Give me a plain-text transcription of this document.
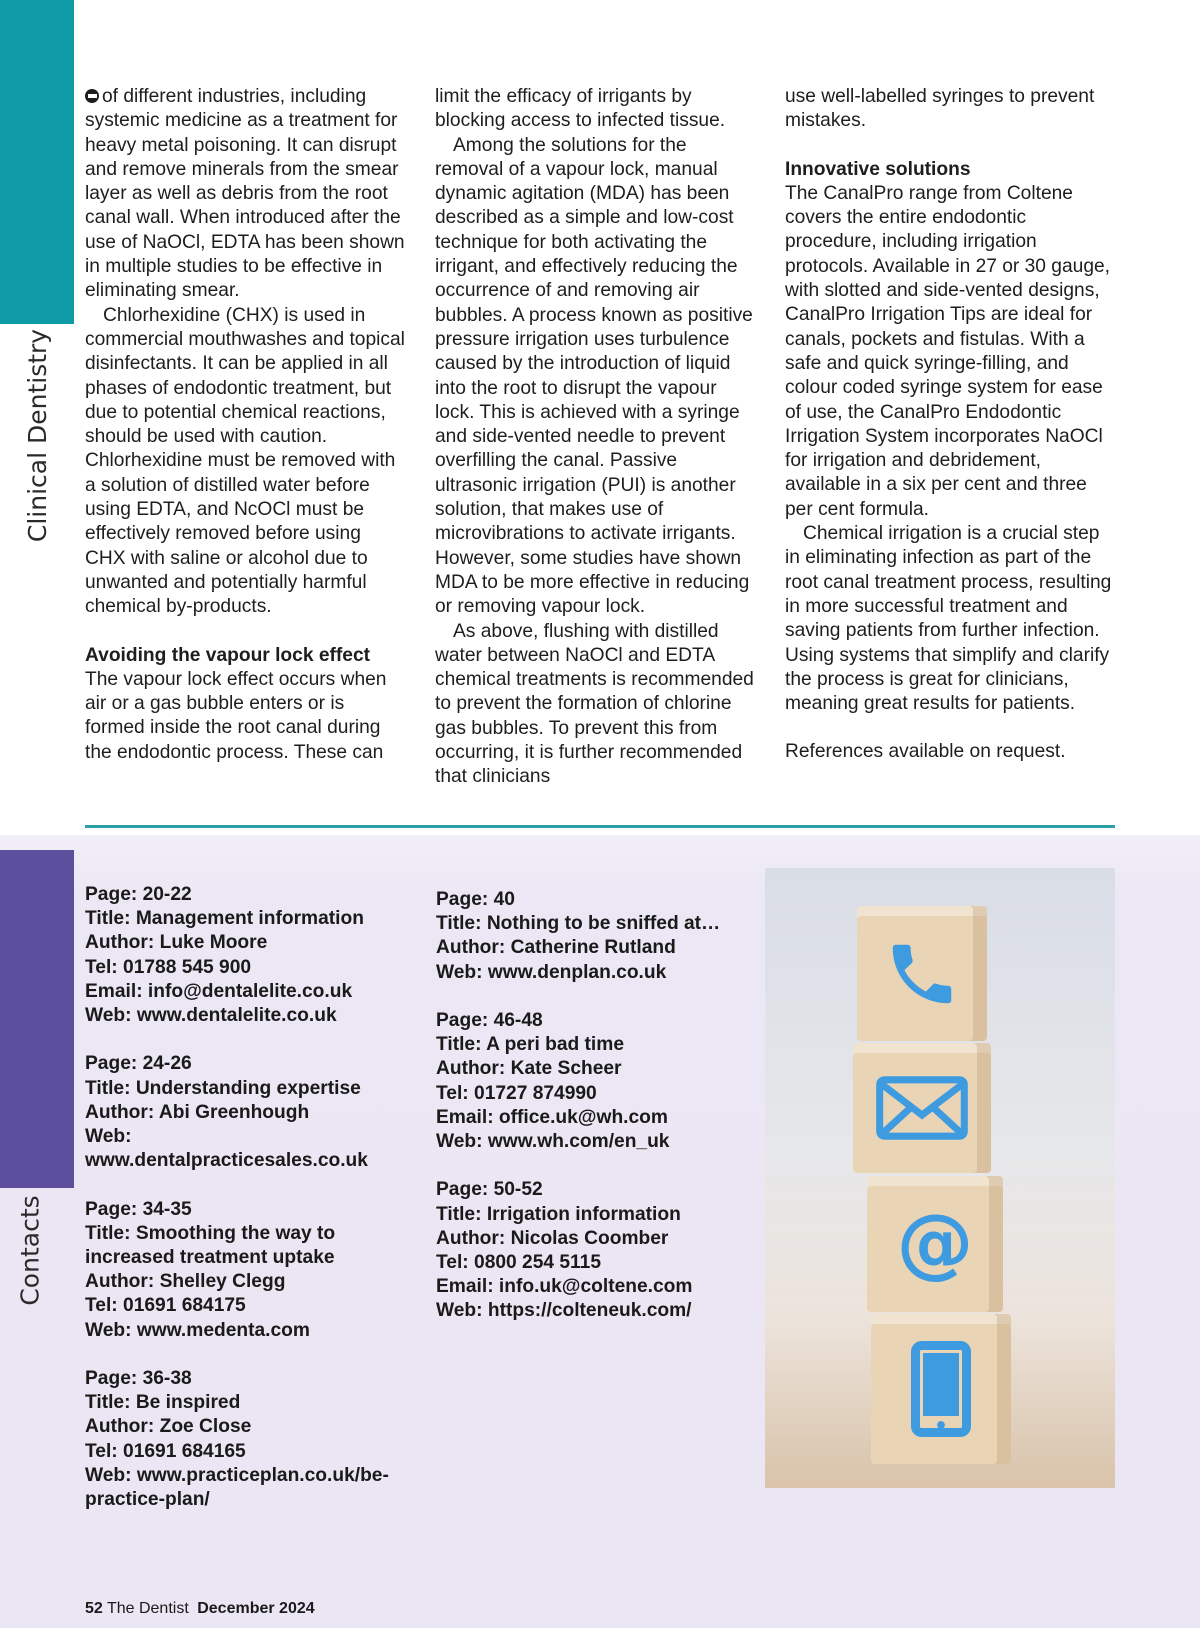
Clinical Dentistry

of different industries, including systemic medicine as a treatment for heavy metal poisoning. It can disrupt and remove minerals from the smear layer as well as debris from the root canal wall. When introduced after the use of NaOCl, EDTA has been shown in multiple studies to be effective in eliminating smear.

Chlorhexidine (CHX) is used in commercial mouthwashes and topical disinfectants. It can be applied in all phases of endodontic treatment, but due to potential chemical reactions, should be used with caution. Chlorhexidine must be removed with a solution of distilled water before using EDTA, and NcOCl must be effectively removed before using CHX with saline or alcohol due to unwanted and potentially harmful chemical by-products.

Avoiding the vapour lock effect

The vapour lock effect occurs when air or a gas bubble enters or is formed inside the root canal during the endodontic process. These can

limit the efficacy of irrigants by blocking access to infected tissue.

Among the solutions for the removal of a vapour lock, manual dynamic agitation (MDA) has been described as a simple and low-cost technique for both activating the irrigant, and effectively reducing the occurrence of and removing air bubbles. A process known as positive pressure irrigation uses turbulence caused by the introduction of liquid into the root to disrupt the vapour lock. This is achieved with a syringe and side-vented needle to prevent overfilling the canal. Passive ultrasonic irrigation (PUI) is another solution, that makes use of microvibrations to activate irrigants. However, some studies have shown MDA to be more effective in reducing or removing vapour lock.

As above, flushing with distilled water between NaOCl and EDTA chemical treatments is recommended to prevent the formation of chlorine gas bubbles. To prevent this from occurring, it is further recommended that clinicians

use well-labelled syringes to prevent mistakes.

Innovative solutions

The CanalPro range from Coltene covers the entire endodontic procedure, including irrigation protocols. Available in 27 or 30 gauge, with slotted and side-vented designs, CanalPro Irrigation Tips are ideal for canals, pockets and fistulas. With a safe and quick syringe-filling, and colour coded syringe system for ease of use, the CanalPro Endodontic Irrigation System incorporates NaOCl for irrigation and debridement, available in a six per cent and three per cent formula.

Chemical irrigation is a crucial step in eliminating infection as part of the root canal treatment process, resulting in more successful treatment and saving patients from further infection. Using systems that simplify and clarify the process is great for clinicians, meaning great results for patients.

References available on request.

Contacts
Page: 20-22
Title: Management information
Author: Luke Moore
Tel: 01788 545 900
Email: info@dentalelite.co.uk
Web: www.dentalelite.co.uk
Page: 24-26
Title: Understanding expertise
Author: Abi Greenhough
Web: www.dentalpracticesales.co.uk
Page: 34-35
Title: Smoothing the way to increased treatment uptake
Author: Shelley Clegg
Tel: 01691 684175
Web: www.medenta.com
Page: 36-38
Title: Be inspired
Author: Zoe Close
Tel: 01691 684165
Web: www.practiceplan.co.uk/be-practice-plan/
Page: 40
Title: Nothing to be sniffed at…
Author: Catherine Rutland
Web: www.denplan.co.uk
Page: 46-48
Title: A peri bad time
Author: Kate Scheer
Tel: 01727 874990
Email: office.uk@wh.com
Web: www.wh.com/en_uk
Page: 50-52
Title: Irrigation information
Author: Nicolas Coomber
Tel: 0800 254 5115
Email: info.uk@coltene.com
Web: https://colteneuk.com/
@
52 The Dentist December 2024
